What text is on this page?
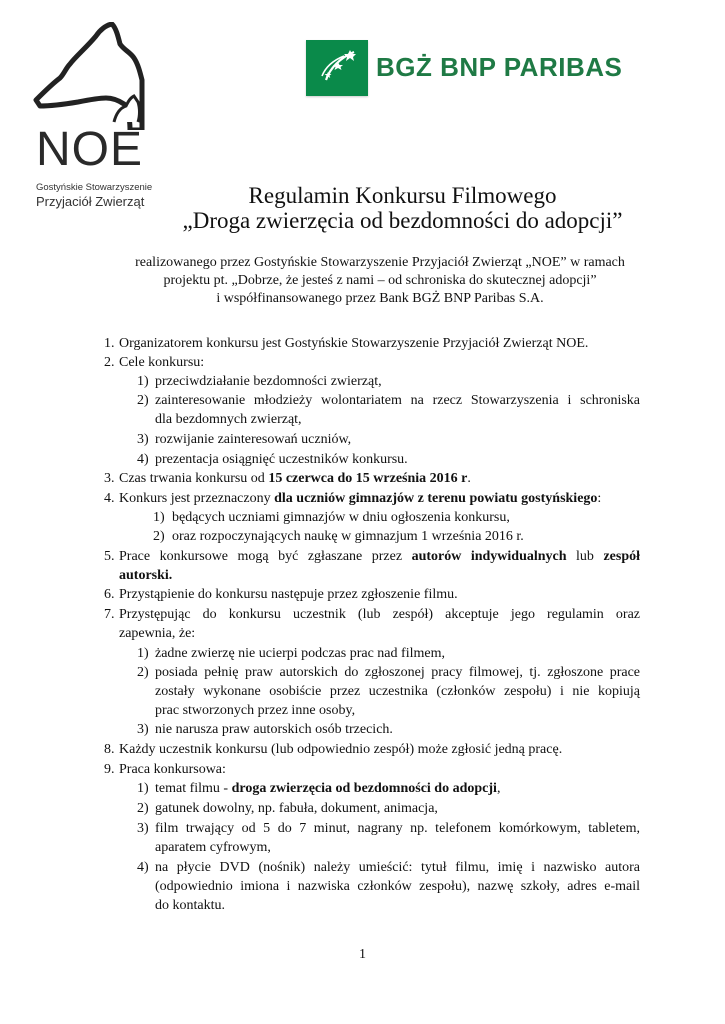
NOE
Gostyńskie Stowarzyszenie
Przyjaciół Zwierząt
BGŻ BNP PARIBAS
Regulamin Konkursu Filmowego
„Droga zwierzęcia od bezdomności do adopcji”
realizowanego przez Gostyńskie Stowarzyszenie Przyjaciół Zwierząt „NOE” w ramach
projektu pt. „Dobrze, że jesteś z nami – od schroniska do skutecznej adopcji”
i współfinansowanego przez Bank BGŻ BNP Paribas S.A.
1. Organizatorem konkursu jest Gostyńskie Stowarzyszenie Przyjaciół Zwierząt NOE.
2. Cele konkursu:
1) przeciwdziałanie bezdomności zwierząt,
2) zainteresowanie młodzieży wolontariatem na rzecz Stowarzyszenia i schroniska
dla bezdomnych zwierząt,
3) rozwijanie zainteresowań uczniów,
4) prezentacja osiągnięć uczestników konkursu.
3. Czas trwania konkursu od 15 czerwca do 15 września 2016 r.
4. Konkurs jest przeznaczony dla uczniów gimnazjów z terenu powiatu gostyńskiego:
1) będących uczniami gimnazjów w dniu ogłoszenia konkursu,
2) oraz rozpoczynających naukę w gimnazjum 1 września 2016 r.
5. Prace konkursowe mogą być zgłaszane przez autorów indywidualnych lub zespół
autorski.
6. Przystąpienie do konkursu następuje przez zgłoszenie filmu.
7. Przystępując do konkursu uczestnik (lub zespół) akceptuje jego regulamin oraz
zapewnia, że:
1) żadne zwierzę nie ucierpi podczas prac nad filmem,
2) posiada pełnię praw autorskich do zgłoszonej pracy filmowej, tj. zgłoszone prace
zostały wykonane osobiście przez uczestnika (członków zespołu) i nie kopiują
prac stworzonych przez inne osoby,
3) nie narusza praw autorskich osób trzecich.
8. Każdy uczestnik konkursu (lub odpowiednio zespół) może zgłosić jedną pracę.
9. Praca konkursowa:
1) temat filmu - droga zwierzęcia od bezdomności do adopcji,
2) gatunek dowolny, np. fabuła, dokument, animacja,
3) film trwający od 5 do 7 minut, nagrany np. telefonem komórkowym, tabletem,
aparatem cyfrowym,
4) na płycie DVD (nośnik) należy umieścić: tytuł filmu, imię i nazwisko autora
(odpowiednio imiona i nazwiska członków zespołu), nazwę szkoły, adres e-mail
do kontaktu.
1
